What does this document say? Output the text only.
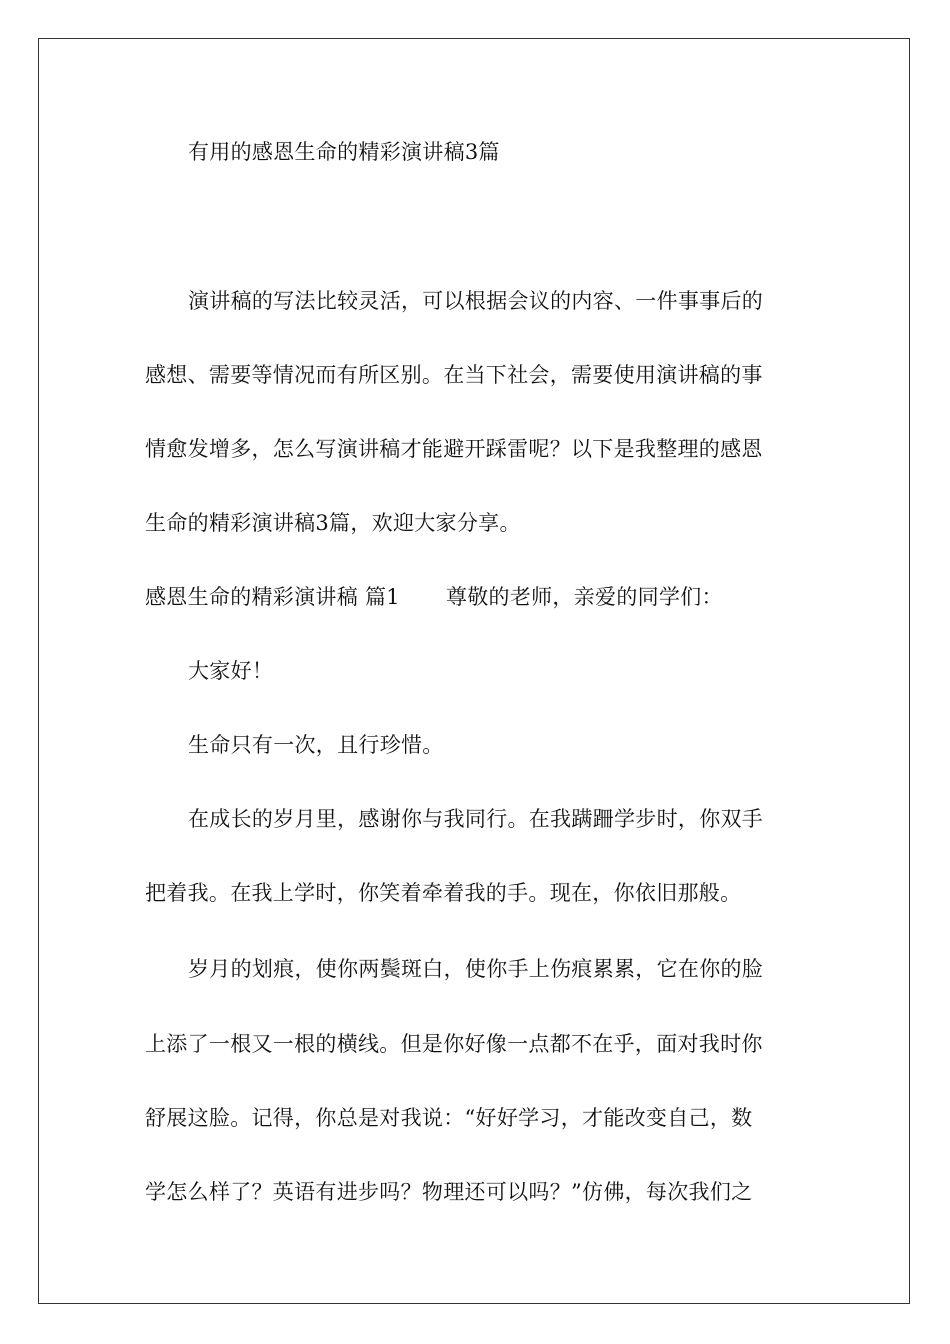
有用的感恩生命的精彩演讲稿3篇
演讲稿的写法比较灵活，可以根据会议的内容、一件事事后的
感想、需要等情况而有所区别。在当下社会，需要使用演讲稿的事
情愈发增多，怎么写演讲稿才能避开踩雷呢？以下是我整理的感恩
生命的精彩演讲稿3篇，欢迎大家分享。
感恩生命的精彩演讲稿 篇1 尊敬的老师，亲爱的同学们：
大家好！
生命只有一次，且行珍惜。
在成长的岁月里，感谢你与我同行。在我蹒跚学步时，你双手
把着我。在我上学时，你笑着牵着我的手。现在，你依旧那般。
岁月的划痕，使你两鬓斑白，使你手上伤痕累累，它在你的脸
上添了一根又一根的横线。但是你好像一点都不在乎，面对我时你
舒展这脸。记得，你总是对我说：“好好学习，才能改变自己，数
学怎么样了？英语有进步吗？物理还可以吗？”仿佛，每次我们之
